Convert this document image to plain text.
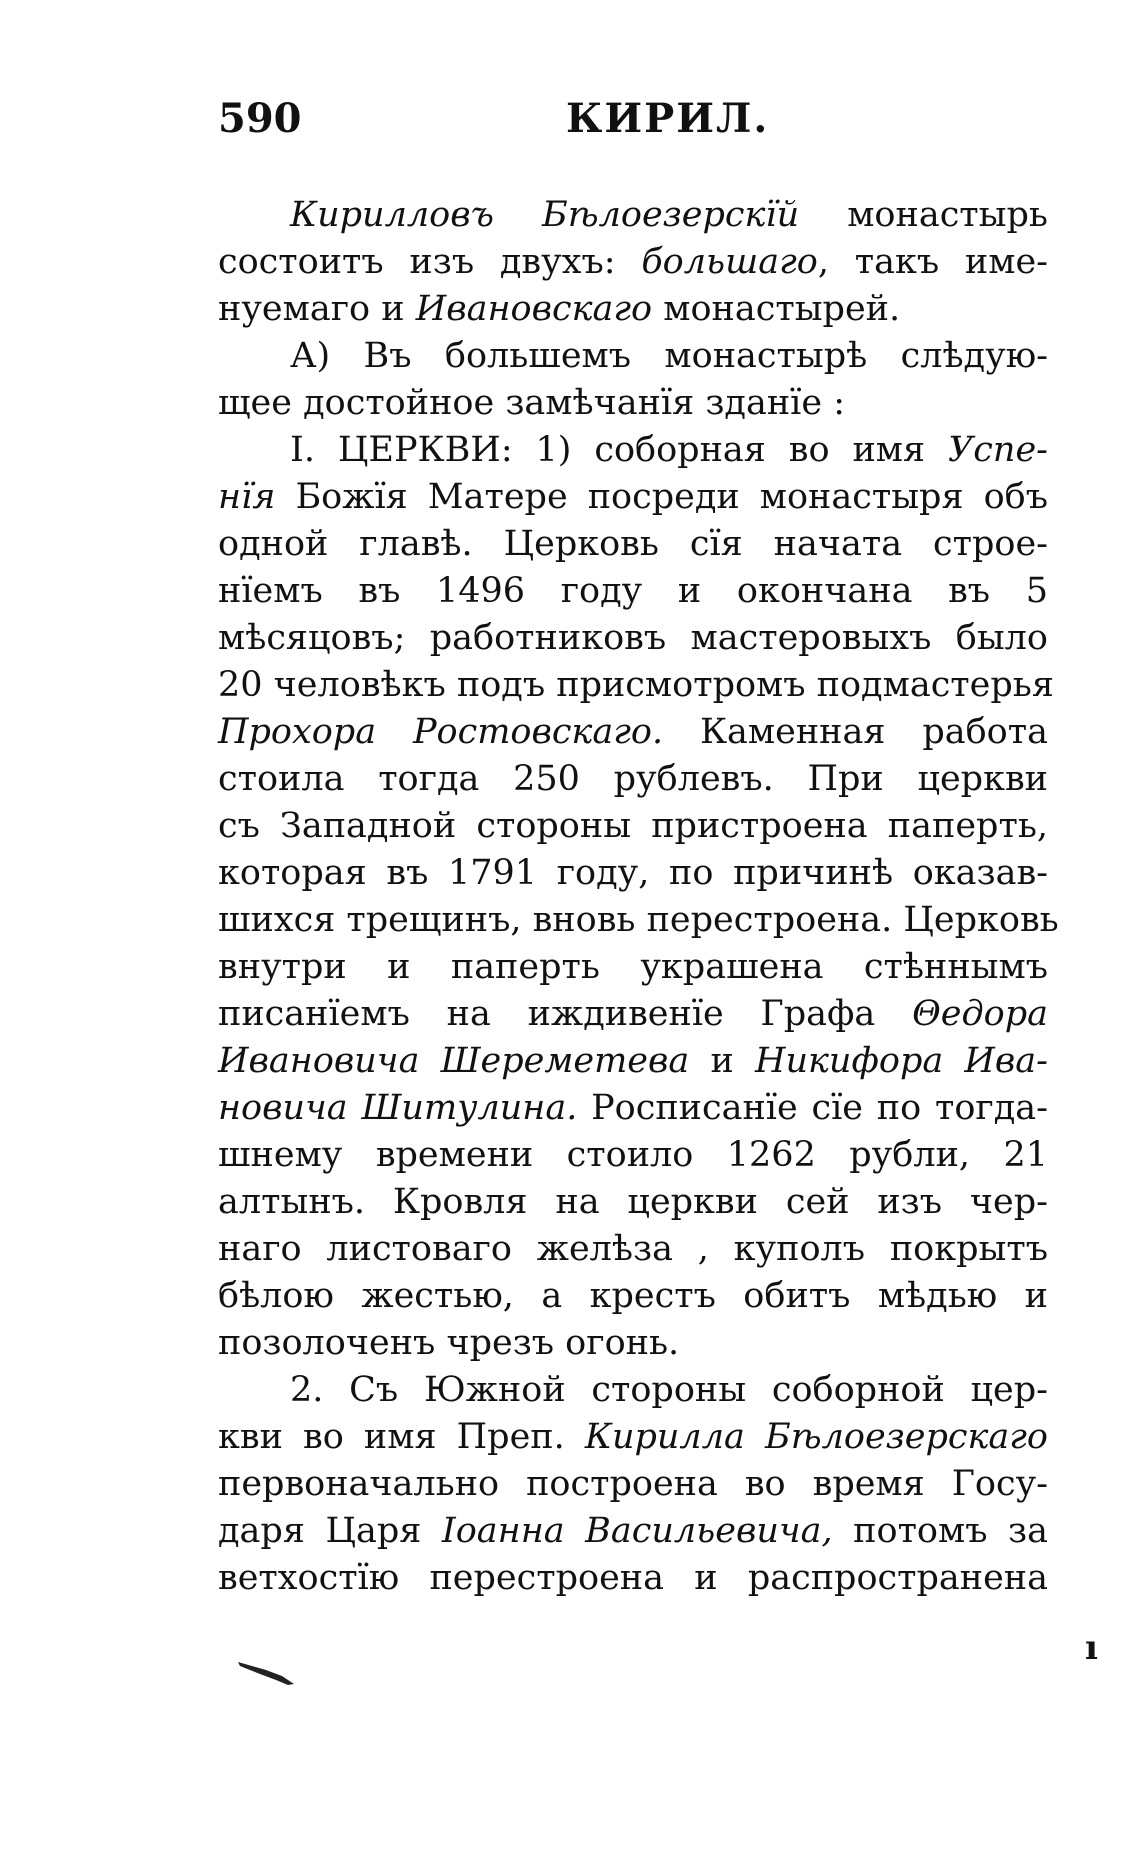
590	КИРИЛ.
Кирилловъ Бѣлоезерскїй монастырь
состоитъ изъ двухъ: большаго, такъ име-
нуемаго и Ивановскаго монастырей.
А) Въ большемъ монастырѣ слѣдую-
щее достойное замѣчанїя зданїе :
I. ЦЕРКВИ: 1) соборная во имя Успе-
нїя Божїя Матере посреди монастыря объ
одной главѣ. Церковь сїя начата строе-
нїемъ въ 1496 году и окончана въ 5
мѣсяцовъ; работниковъ мастеровыхъ было
20 человѣкъ подъ присмотромъ подмастерья
Прохора Ростовскаго. Каменная работа
стоила тогда 250 рублевъ. При церкви
съ Западной стороны пристроена паперть,
которая въ 1791 году, по причинѣ оказав-
шихся трещинъ, вновь перестроена. Церковь
внутри и паперть украшена стѣннымъ
писанїемъ на иждивенїе Графа Θедора
Ивановича Шереметева и Никифора Ива-
новича Шитулина. Росписанїе сїе по тогда-
шнему времени стоило 1262 рубли, 21
алтынъ. Кровля на церкви сей изъ чер-
наго листоваго желѣза , куполъ покрытъ
бѣлою жестью, а крестъ обитъ мѣдью и
позолоченъ чрезъ огонь.
2. Съ Южной стороны соборной цер-
кви во имя Преп. Кирилла Бѣлоезерскаго
первоначально построена во время Госу-
даря Царя Іоанна Васильевича, потомъ за
ветхостїю перестроена и распространена
ı
